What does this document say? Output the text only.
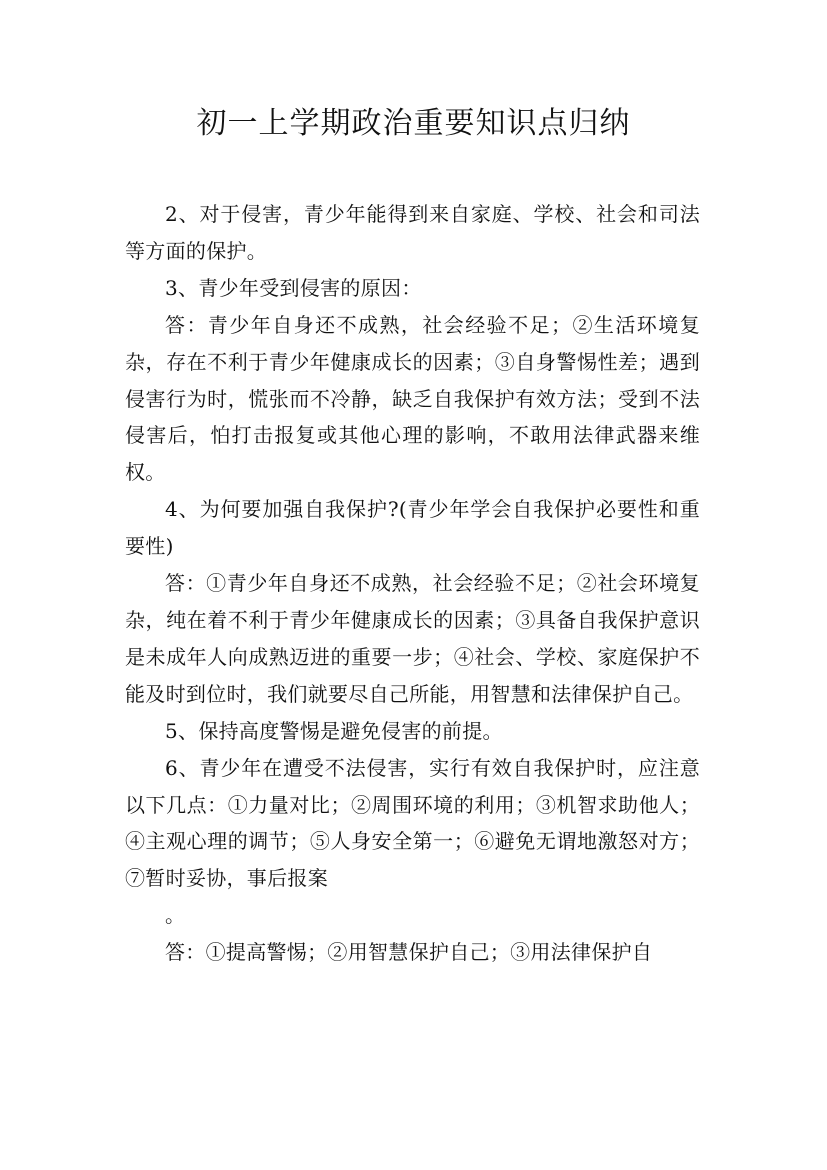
初一上学期政治重要知识点归纳

2、对于侵害，青少年能得到来自家庭、学校、社会和司法等方面的保护。

3、青少年受到侵害的原因：

答：青少年自身还不成熟，社会经验不足；②生活环境复杂，存在不利于青少年健康成长的因素；③自身警惕性差；遇到侵害行为时，慌张而不冷静，缺乏自我保护有效方法；受到不法侵害后，怕打击报复或其他心理的影响，不敢用法律武器来维权。

4、为何要加强自我保护?(青少年学会自我保护必要性和重要性)

答：①青少年自身还不成熟，社会经验不足；②社会环境复杂，纯在着不利于青少年健康成长的因素；③具备自我保护意识是未成年人向成熟迈进的重要一步；④社会、学校、家庭保护不能及时到位时，我们就要尽自己所能，用智慧和法律保护自己。

5、保持高度警惕是避免侵害的前提。

6、青少年在遭受不法侵害，实行有效自我保护时，应注意以下几点：①力量对比；②周围环境的利用；③机智求助他人；④主观心理的调节；⑤人身安全第一；⑥避免无谓地激怒对方；⑦暂时妥协，事后报案

。

答：①提高警惕；②用智慧保护自己；③用法律保护自
